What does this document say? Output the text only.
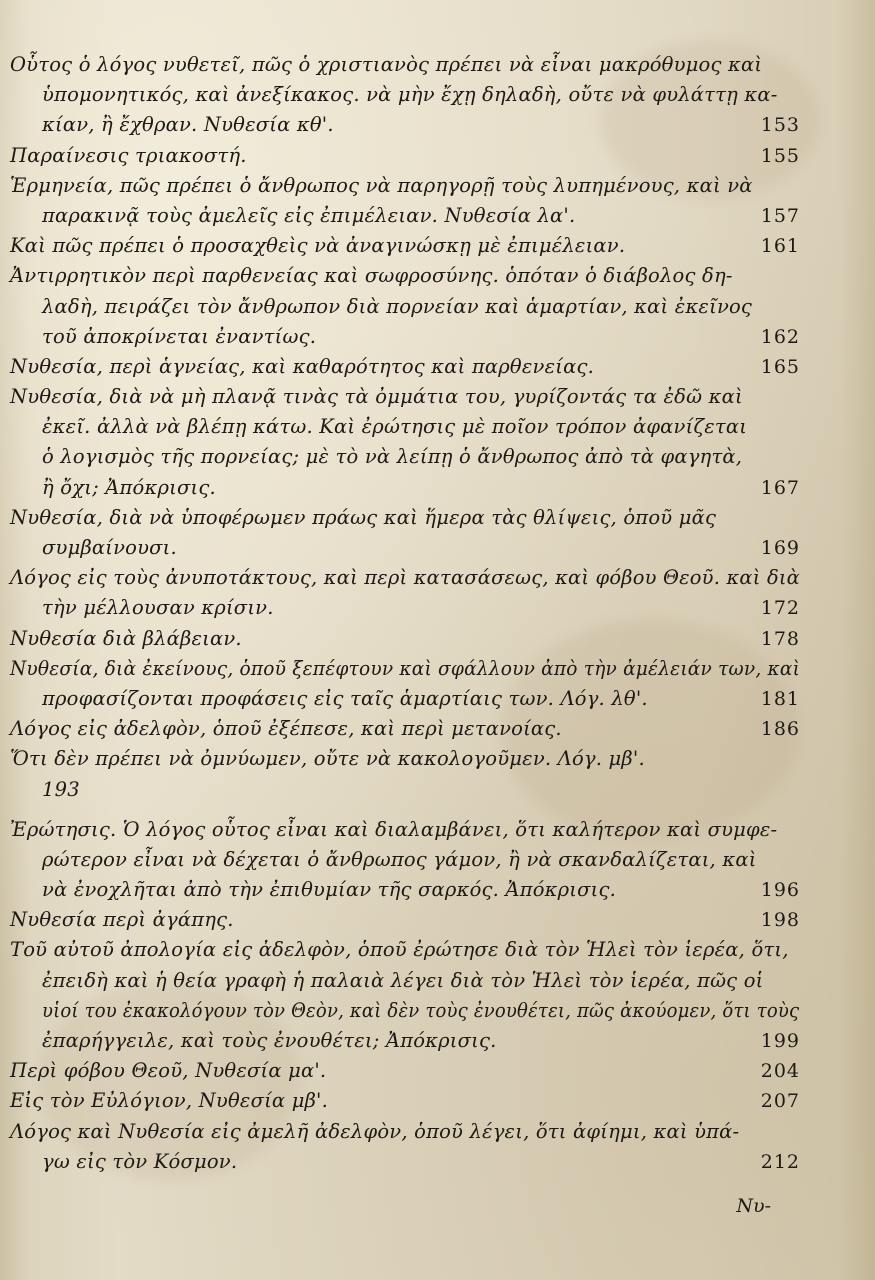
Οὗτος ὁ λόγος νυθετεῖ, πῶς ὁ χριστιανὸς πρέπει νὰ εἶναι μακρόθυμος καὶ
ὑπομονητικός, καὶ ἀνεξίκακος. νὰ μὴν ἔχῃ δηλαδὴ, οὔτε νὰ φυλάττῃ κα-
κίαν, ἢ ἔχθραν. Νυθεσία κθ'.	153
Παραίνεσις τριακοστή.	155
Ἑρμηνεία, πῶς πρέπει ὁ ἄνθρωπος νὰ παρηγορῇ τοὺς λυπημένους, καὶ νὰ
παρακινᾷ τοὺς ἀμελεῖς εἰς ἐπιμέλειαν. Νυθεσία λα'.	157
Καὶ πῶς πρέπει ὁ προσαχθεὶς νὰ ἀναγινώσκῃ μὲ ἐπιμέλειαν.	161
Ἀντιρρητικὸν περὶ παρθενείας καὶ σωφροσύνης. ὁπόταν ὁ διάβολος δη-
λαδὴ, πειράζει τὸν ἄνθρωπον διὰ πορνείαν καὶ ἁμαρτίαν, καὶ ἐκεῖνος
τοῦ ἀποκρίνεται ἐναντίως.	162
Νυθεσία, περὶ ἁγνείας, καὶ καθαρότητος καὶ παρθενείας.	165
Νυθεσία, διὰ νὰ μὴ πλανᾷ τινὰς τὰ ὀμμάτια του, γυρίζοντάς τα ἐδῶ καὶ
ἐκεῖ. ἀλλὰ νὰ βλέπῃ κάτω. Καὶ ἐρώτησις μὲ ποῖον τρόπον ἀφανίζεται
ὁ λογισμὸς τῆς πορνείας; μὲ τὸ νὰ λείπῃ ὁ ἄνθρωπος ἀπὸ τὰ φαγητὰ,
ἢ ὄχι; Ἀπόκρισις.	167
Νυθεσία, διὰ νὰ ὑποφέρωμεν πράως καὶ ἥμερα τὰς θλίψεις, ὁποῦ μᾶς
συμβαίνουσι.	169
Λόγος εἰς τοὺς ἀνυποτάκτους, καὶ περὶ κατασάσεως, καὶ φόβου Θεοῦ. καὶ διὰ
τὴν μέλλουσαν κρίσιν.	172
Νυθεσία διὰ βλάβειαν.	178
Νυθεσία, διὰ ἐκείνους, ὁποῦ ξεπέφτουν καὶ σφάλλουν ἀπὸ τὴν ἀμέλειάν των, καὶ
προφασίζονται προφάσεις εἰς ταῖς ἁμαρτίαις των. Λόγ. λθ'.	181
Λόγος εἰς ἀδελφὸν, ὁποῦ ἐξέπεσε, καὶ περὶ μετανοίας.	186
Ὅτι δὲν πρέπει νὰ ὀμνύωμεν, οὔτε νὰ κακολογοῦμεν. Λόγ. μβ'.
193
Ἐρώτησις. Ὁ λόγος οὗτος εἶναι καὶ διαλαμβάνει, ὅτι καλήτερον καὶ συμφε-
ρώτερον εἶναι νὰ δέχεται ὁ ἄνθρωπος γάμον, ἢ νὰ σκανδαλίζεται, καὶ
νὰ ἐνοχλῆται ἀπὸ τὴν ἐπιθυμίαν τῆς σαρκός. Ἀπόκρισις.	196
Νυθεσία περὶ ἀγάπης.	198
Τοῦ αὐτοῦ ἀπολογία εἰς ἀδελφὸν, ὁποῦ ἐρώτησε διὰ τὸν Ἡλεὶ τὸν ἱερέα, ὅτι,
ἐπειδὴ καὶ ἡ θεία γραφὴ ἡ παλαιὰ λέγει διὰ τὸν Ἡλεὶ τὸν ἱερέα, πῶς οἱ
υἱοί του ἐκακολόγουν τὸν Θεὸν, καὶ δὲν τοὺς ἐνουθέτει, πῶς ἀκούομεν, ὅτι τοὺς
ἐπαρήγγειλε, καὶ τοὺς ἐνουθέτει; Ἀπόκρισις.	199
Περὶ φόβου Θεοῦ, Νυθεσία μα'.	204
Εἰς τὸν Εὐλόγιον, Νυθεσία μβ'.	207
Λόγος καὶ Νυθεσία εἰς ἀμελῆ ἀδελφὸν, ὁποῦ λέγει, ὅτι ἀφίημι, καὶ ὑπά-
γω εἰς τὸν Κόσμον.	212
Νυ-
